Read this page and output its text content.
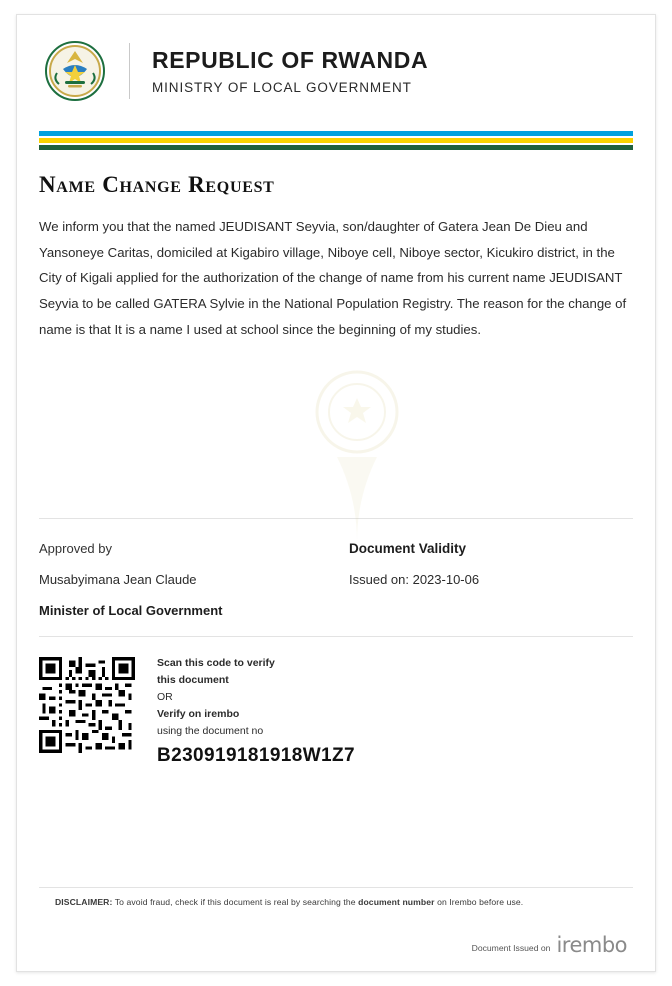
REPUBLIC OF RWANDA

MINISTRY OF LOCAL GOVERNMENT

Name Change Request

We inform you that the named JEUDISANT Seyvia, son/daughter of Gatera Jean De Dieu and Yansoneye Caritas, domiciled at Kigabiro village, Niboye cell, Niboye sector, Kicukiro district, in the City of Kigali applied for the authorization of the change of name from his current name JEUDISANT Seyvia to be called GATERA Sylvie in the National Population Registry. The reason for the change of name is that It is a name I used at school since the beginning of my studies.

Approved by

Musabyimana Jean Claude

Minister of Local Government

Document Validity

Issued on: 2023-10-06

Scan this code to verify

this document

OR

Verify on irembo

using the document no

B230919181918W1Z7

DISCLAIMER: To avoid fraud, check if this document is real by searching the document number on Irembo before use.
Document Issued on irembo
